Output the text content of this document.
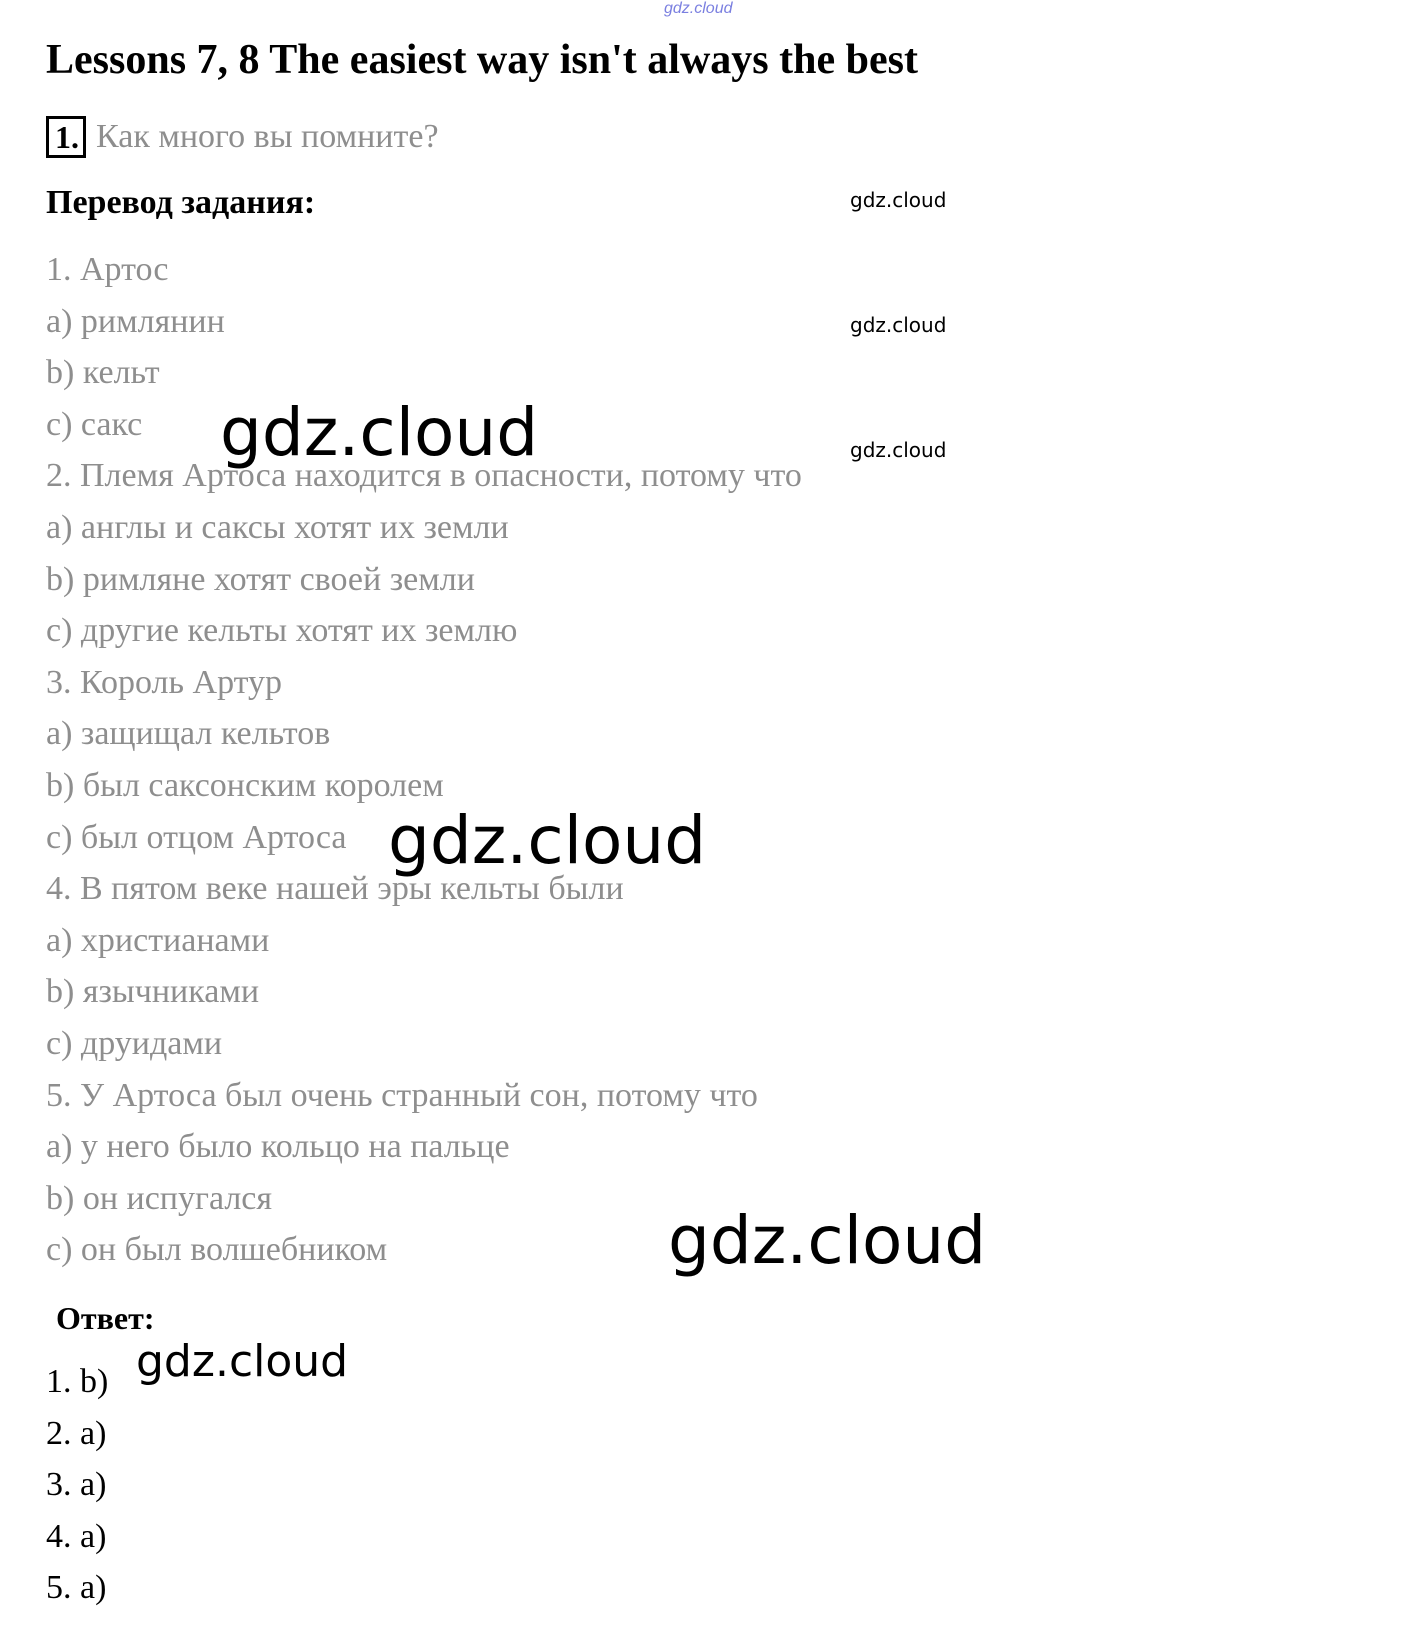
gdz.cloud
Lessons 7, 8 The easiest way isn't always the best
1. Как много вы помните?
Перевод задания:
1. Артос
a) римлянин
b) кельт
c) сакс
2. Племя Артоса находится в опасности, потому что
a) англы и саксы хотят их земли
b) римляне хотят своей земли
c) другие кельты хотят их землю
3. Король Артур
a) защищал кельтов
b) был саксонским королем
c) был отцом Артоса
4. В пятом веке нашей эры кельты были
a) христианами
b) язычниками
c) друидами
5. У Артоса был очень странный сон, потому что
a) у него было кольцо на пальце
b) он испугался
c) он был волшебником
Ответ:
1. b)
2. a)
3. a)
4. a)
5. a)
gdz.cloud
gdz.cloud
gdz.cloud
gdz.cloud
gdz.cloud
gdz.cloud
gdz.cloud
